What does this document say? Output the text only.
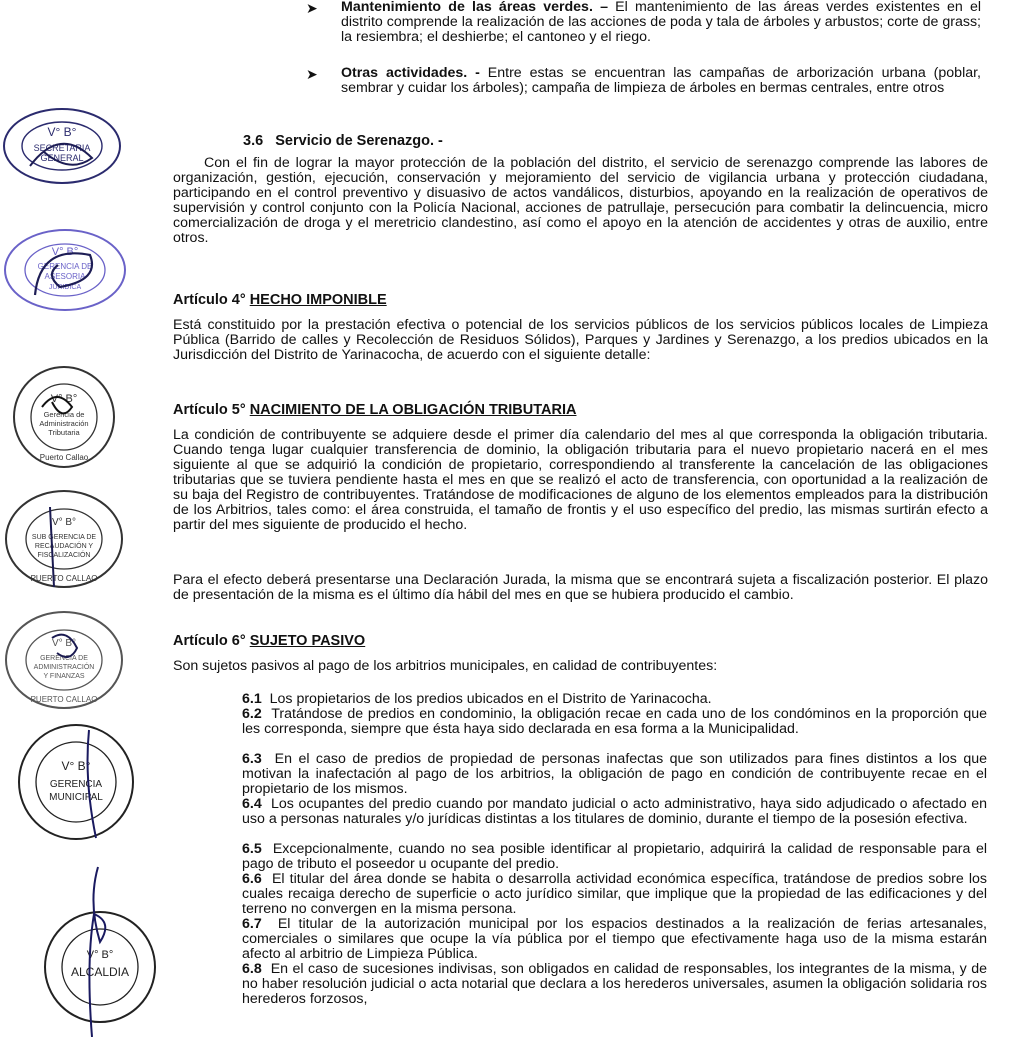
➤ Mantenimiento de las áreas verdes. – El mantenimiento de las áreas verdes existentes en el distrito comprende la realización de las acciones de poda y tala de árboles y arbustos; corte de grass; la resiembra; el deshierbe; el cantoneo y el riego.

➤ Otras actividades. - Entre estas se encuentran las campañas de arborización urbana (poblar, sembrar y cuidar los árboles); campaña de limpieza de árboles en bermas centrales, entre otros

3.6 Servicio de Serenazgo. -

Con el fin de lograr la mayor protección de la población del distrito, el servicio de serenazgo comprende las labores de organización, gestión, ejecución, conservación y mejoramiento del servicio de vigilancia urbana y protección ciudadana, participando en el control preventivo y disuasivo de actos vandálicos, disturbios, apoyando en la realización de operativos de supervisión y control conjunto con la Policía Nacional, acciones de patrullaje, persecución para combatir la delincuencia, micro comercialización de droga y el meretricio clandestino, así como el apoyo en la atención de accidentes y otras de auxilio, entre otros.

Artículo 4° HECHO IMPONIBLE

Está constituido por la prestación efectiva o potencial de los servicios públicos de los servicios públicos locales de Limpieza Pública (Barrido de calles y Recolección de Residuos Sólidos), Parques y Jardines y Serenazgo, a los predios ubicados en la Jurisdicción del Distrito de Yarinacocha, de acuerdo con el siguiente detalle:

Artículo 5° NACIMIENTO DE LA OBLIGACIÓN TRIBUTARIA

La condición de contribuyente se adquiere desde el primer día calendario del mes al que corresponda la obligación tributaria. Cuando tenga lugar cualquier transferencia de dominio, la obligación tributaria para el nuevo propietario nacerá en el mes siguiente al que se adquirió la condición de propietario, correspondiendo al transferente la cancelación de las obligaciones tributarias que se tuviera pendiente hasta el mes en que se realizó el acto de transferencia, con oportunidad a la realización de su baja del Registro de contribuyentes. Tratándose de modificaciones de alguno de los elementos empleados para la distribución de los Arbitrios, tales como: el área construida, el tamaño de frontis y el uso específico del predio, las mismas surtirán efecto a partir del mes siguiente de producido el hecho.

Para el efecto deberá presentarse una Declaración Jurada, la misma que se encontrará sujeta a fiscalización posterior. El plazo de presentación de la misma es el último día hábil del mes en que se hubiera producido el cambio.

Artículo 6° SUJETO PASIVO

Son sujetos pasivos al pago de los arbitrios municipales, en calidad de contribuyentes:

6.1 Los propietarios de los predios ubicados en el Distrito de Yarinacocha.

6.2 Tratándose de predios en condominio, la obligación recae en cada uno de los condóminos en la proporción que les corresponda, siempre que ésta haya sido declarada en esa forma a la Municipalidad.

6.3 En el caso de predios de propiedad de personas inafectas que son utilizados para fines distintos a los que motivan la inafectación al pago de los arbitrios, la obligación de pago en condición de contribuyente recae en el propietario de los mismos.

6.4 Los ocupantes del predio cuando por mandato judicial o acto administrativo, haya sido adjudicado o afectado en uso a personas naturales y/o jurídicas distintas a los titulares de dominio, durante el tiempo de la posesión efectiva.

6.5 Excepcionalmente, cuando no sea posible identificar al propietario, adquirirá la calidad de responsable para el pago de tributo el poseedor u ocupante del predio.

6.6 El titular del área donde se habita o desarrolla actividad económica específica, tratándose de predios sobre los cuales recaiga derecho de superficie o acto jurídico similar, que implique que la propiedad de las edificaciones y del terreno no convergen en la misma persona.

6.7 El titular de la autorización municipal por los espacios destinados a la realización de ferias artesanales, comerciales o similares que ocupe la vía pública por el tiempo que efectivamente haga uso de la misma estarán afecto al arbitrio de Limpieza Pública.

6.8 En el caso de sucesiones indivisas, son obligados en calidad de responsables, los integrantes de la misma, y de no haber resolución judicial o acta notarial que declara a los herederos universales, asumen la obligación solidaria ros herederos forzosos,

V° B°
SECRETARIA
GENERAL
V° B°
GERENCIA DE
ASESORIA
JURIDICA
V° B°
Gerencia de
Administración
Tributaria
Puerto Callao
V° B°
SUB GERENCIA DE
RECAUDACIÓN Y
FISCALIZACIÓN
PUERTO CALLAO
V° B°
GERENCIA DE
ADMINISTRACIÓN
Y FINANZAS
PUERTO CALLAO
V° B°
GERENCIA
MUNICIPAL
V° B°
ALCALDIA
